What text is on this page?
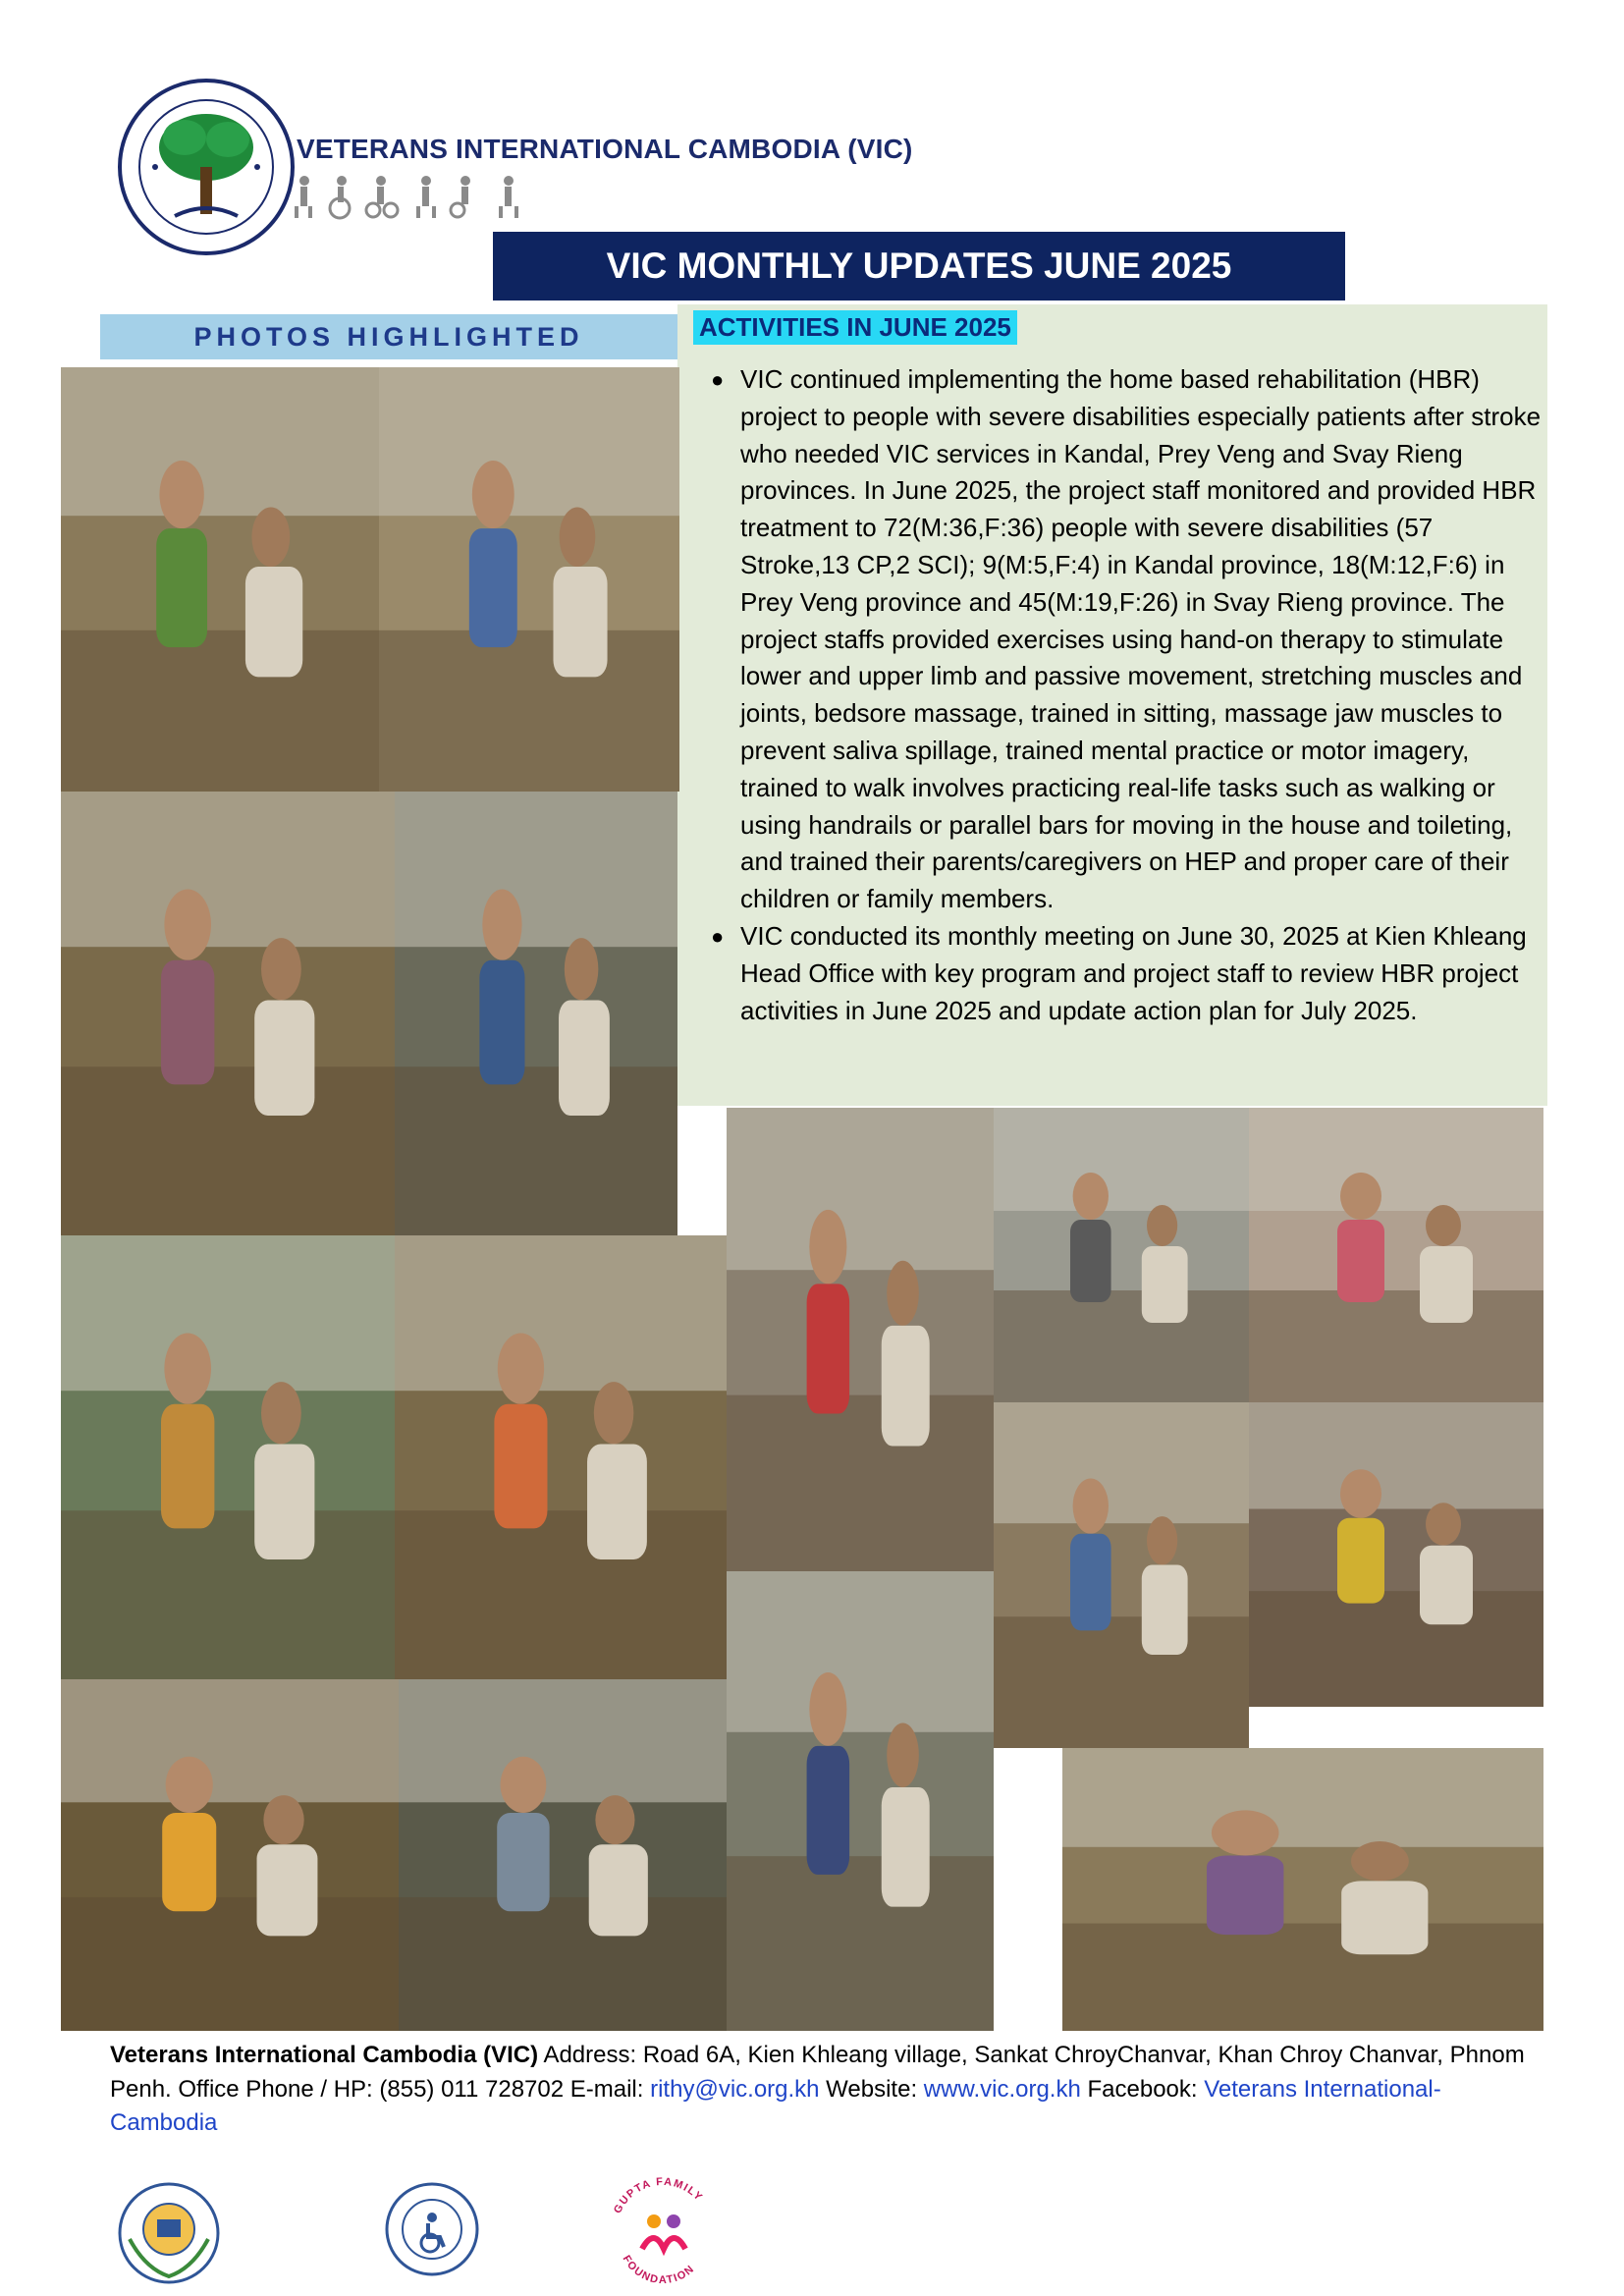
VETERANS INTERNATIONAL CAMBODIA (VIC)
VIC MONTHLY UPDATES JUNE 2025
PHOTOS HIGHLIGHTED	ACTIVITIES IN JUNE 2025
● VIC continued implementing the home based rehabilitation (HBR) project to people with severe disabilities especially patients after stroke who needed VIC services in Kandal, Prey Veng and Svay Rieng provinces. In June 2025, the project staff monitored and provided HBR treatment to 72(M:36,F:36) people with severe disabilities (57 Stroke,13 CP,2 SCI); 9(M:5,F:4) in Kandal province, 18(M:12,F:6) in Prey Veng province and 45(M:19,F:26) in Svay Rieng province. The project staffs provided exercises using hand-on therapy to stimulate lower and upper limb and passive movement, stretching muscles and joints, bedsore massage, trained in sitting, massage jaw muscles to prevent saliva spillage, trained mental practice or motor imagery, trained to walk involves practicing real-life tasks such as walking or using handrails or parallel bars for moving in the house and toileting, and trained their parents/caregivers on HEP and proper care of their children or family members.
● VIC conducted its monthly meeting on June 30, 2025 at Kien Khleang Head Office with key program and project staff to review HBR project activities in June 2025 and update action plan for July 2025.
Veterans International Cambodia (VIC) Address: Road 6A, Kien Khleang village, Sankat ChroyChanvar, Khan Chroy Chanvar, Phnom Penh. Office Phone / HP: (855) 011 728702 E-mail: rithy@vic.org.kh Website: www.vic.org.kh Facebook: Veterans International-Cambodia
GUPTA FAMILY
FOUNDATION
